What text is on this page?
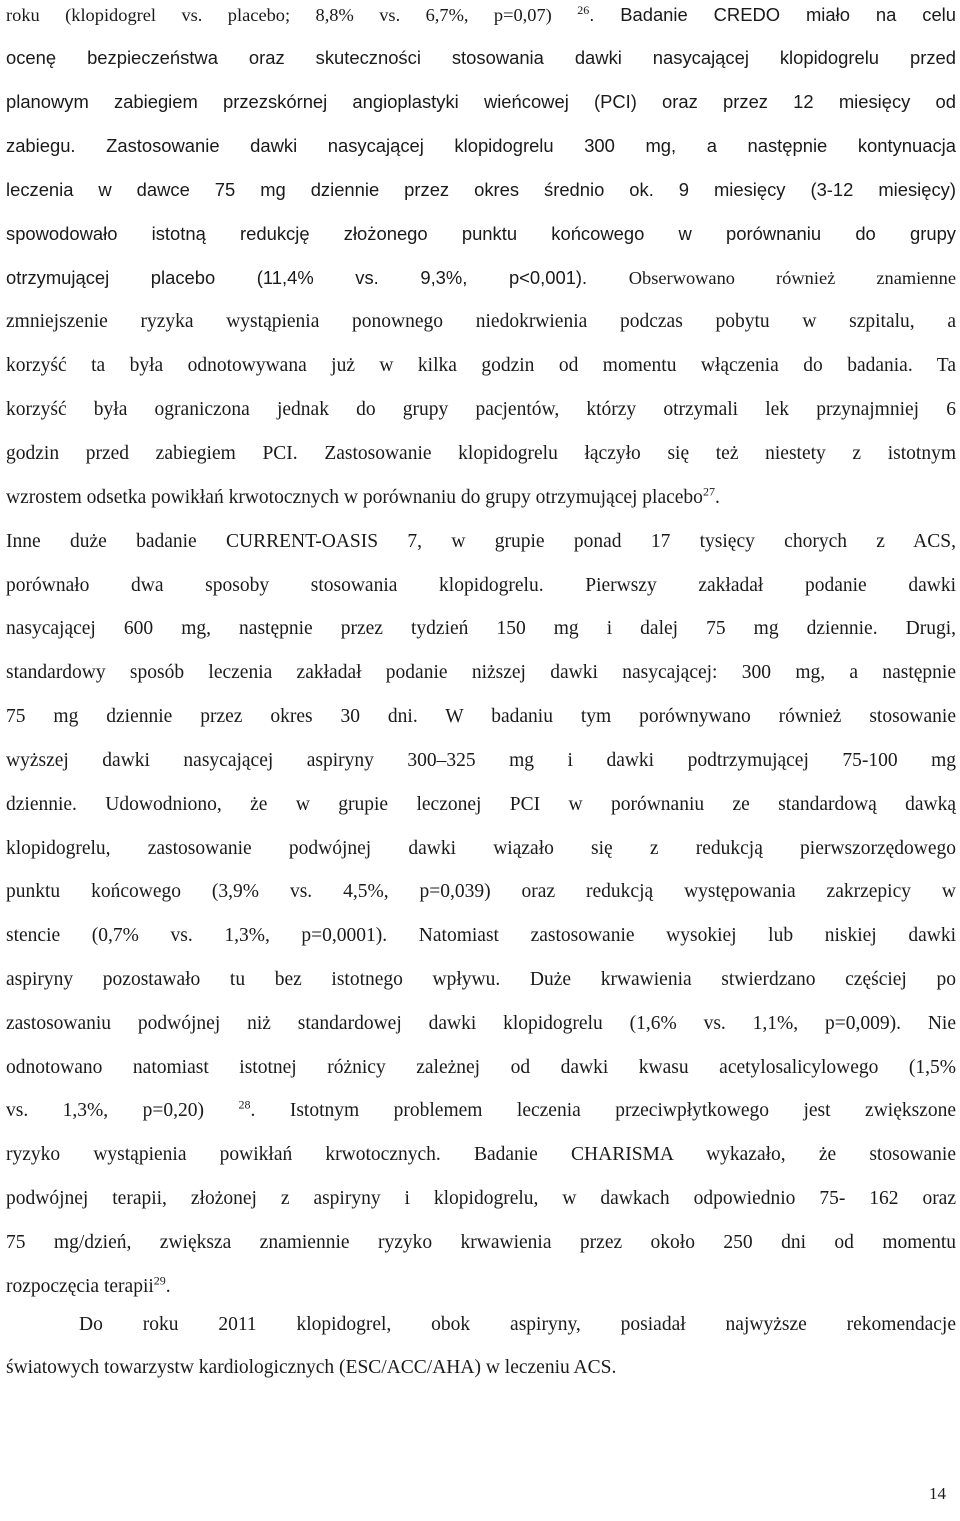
roku (klopidogrel vs. placebo; 8,8% vs. 6,7%, p=0,07) $^{26}$. Badanie CREDO miało na celu
ocenę bezpieczeństwa oraz skuteczności stosowania dawki nasycającej klopidogrelu przed
planowym zabiegiem przezskórnej angioplastyki wieńcowej (PCI) oraz przez 12 miesięcy od
zabiegu. Zastosowanie dawki nasycającej klopidogrelu 300 mg, a następnie kontynuacja
leczenia w dawce 75 mg dziennie przez okres średnio ok. 9 miesięcy (3-12 miesięcy)
spowodowało istotną redukcję złożonego punktu końcowego w porównaniu do grupy
otrzymującej placebo (11,4% vs. 9,3%, p<0,001). Obserwowano również znamienne
zmniejszenie ryzyka wystąpienia ponownego niedokrwienia podczas pobytu w szpitalu, a
korzyść ta była odnotowywana już w kilka godzin od momentu włączenia do badania. Ta
korzyść była ograniczona jednak do grupy pacjentów, którzy otrzymali lek przynajmniej 6
godzin przed zabiegiem PCI. Zastosowanie klopidogrelu łączyło się też niestety z istotnym
wzrostem odsetka powikłań krwotocznych w porównaniu do grupy otrzymującej placebo$^{27}$.
Inne duże badanie CURRENT-OASIS 7, w grupie ponad 17 tysięcy chorych z ACS,
porównało dwa sposoby stosowania klopidogrelu. Pierwszy zakładał podanie dawki
nasycającej 600 mg, następnie przez tydzień 150 mg i dalej 75 mg dziennie. Drugi,
standardowy sposób leczenia zakładał podanie niższej dawki nasycającej: 300 mg, a następnie
75 mg dziennie przez okres 30 dni. W badaniu tym porównywano również stosowanie
wyższej dawki nasycającej aspiryny 300–325 mg i dawki podtrzymującej 75-100 mg
dziennie. Udowodniono, że w grupie leczonej PCI w porównaniu ze standardową dawką
klopidogrelu, zastosowanie podwójnej dawki wiązało się z redukcją pierwszorzędowego
punktu końcowego (3,9% vs. 4,5%, p=0,039) oraz redukcją występowania zakrzepicy w
stencie (0,7% vs. 1,3%, p=0,0001). Natomiast zastosowanie wysokiej lub niskiej dawki
aspiryny pozostawało tu bez istotnego wpływu. Duże krwawienia stwierdzano częściej po
zastosowaniu podwójnej niż standardowej dawki klopidogrelu (1,6% vs. 1,1%, p=0,009). Nie
odnotowano natomiast istotnej różnicy zależnej od dawki kwasu acetylosalicylowego (1,5%
vs. 1,3%, p=0,20) $^{28}$. Istotnym problemem leczenia przeciwpłytkowego jest zwiększone
ryzyko wystąpienia powikłań krwotocznych. Badanie CHARISMA wykazało, że stosowanie
podwójnej terapii, złożonej z aspiryny i klopidogrelu, w dawkach odpowiednio 75- 162 oraz
75 mg/dzień, zwiększa znamiennie ryzyko krwawienia przez około 250 dni od momentu
rozpoczęcia terapii$^{29}$.
Do roku 2011 klopidogrel, obok aspiryny, posiadał najwyższe rekomendacje
światowych towarzystw kardiologicznych (ESC/ACC/AHA) w leczeniu ACS.
14
